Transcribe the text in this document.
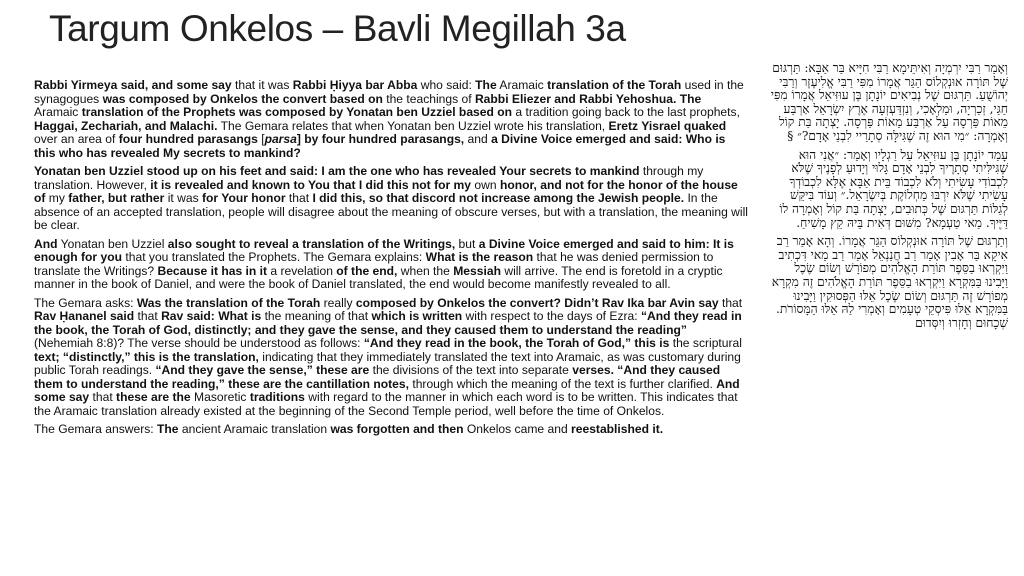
Targum Onkelos – Bavli Megillah 3a

Rabbi Yirmeya said, and some say that it was Rabbi Ḥiyya bar Abba who said: The Aramaic translation of the Torah used in the synagogues was composed by Onkelos the convert based on the teachings of Rabbi Eliezer and Rabbi Yehoshua. The Aramaic translation of the Prophets was composed by Yonatan ben Uzziel based on a tradition going back to the last prophets, Haggai, Zechariah, and Malachi. The Gemara relates that when Yonatan ben Uzziel wrote his translation, Eretz Yisrael quaked over an area of four hundred parasangs [parsa] by four hundred parasangs, and a Divine Voice emerged and said: Who is this who has revealed My secrets to mankind?

Yonatan ben Uzziel stood up on his feet and said: I am the one who has revealed Your secrets to mankind through my translation. However, it is revealed and known to You that I did this not for my own honor, and not for the honor of the house of my father, but rather it was for Your honor that I did this, so that discord not increase among the Jewish people. In the absence of an accepted translation, people will disagree about the meaning of obscure verses, but with a translation, the meaning will be clear.

And Yonatan ben Uzziel also sought to reveal a translation of the Writings, but a Divine Voice emerged and said to him: It is enough for you that you translated the Prophets. The Gemara explains: What is the reason that he was denied permission to translate the Writings? Because it has in it a revelation of the end, when the Messiah will arrive. The end is foretold in a cryptic manner in the book of Daniel, and were the book of Daniel translated, the end would become manifestly revealed to all.

The Gemara asks: Was the translation of the Torah really composed by Onkelos the convert? Didn’t Rav Ika bar Avin say that Rav Ḥananel said that Rav said: What is the meaning of that which is written with respect to the days of Ezra: “And they read in the book, the Torah of God, distinctly; and they gave the sense, and they caused them to understand the reading” (Nehemiah 8:8)? The verse should be understood as follows: “And they read in the book, the Torah of God,” this is the scriptural text; “distinctly,” this is the translation, indicating that they immediately translated the text into Aramaic, as was customary during public Torah readings. “And they gave the sense,” these are the divisions of the text into separate verses. “And they caused them to understand the reading,” these are the cantillation notes, through which the meaning of the text is further clarified. And some say that these are the Masoretic traditions with regard to the manner in which each word is to be written. This indicates that the Aramaic translation already existed at the beginning of the Second Temple period, well before the time of Onkelos.

The Gemara answers: The ancient Aramaic translation was forgotten and then Onkelos came and reestablished it.

וְאָמַר רַבִּי יִרְמְיָה וְאִיתֵּימָא רַבִּי חִיָּיא בַּר אַבָּא: תַּרְגּוּם שֶׁל תּוֹרָה אוּנְקְלוֹס הַגֵּר אֲמָרוֹ מִפִּי רַבִּי אֱלִיעֶזֶר וְרַבִּי יְהוֹשֻׁעַ. תַּרְגּוּם שֶׁל נְבִיאִים יוֹנָתָן בֶּן עוּזִּיאֵל אֲמָרוֹ מִפִּי חַגַּי, זְכַרְיָה, וּמַלְאָכִי, וְנִזְדַּעְזְעָה אֶרֶץ יִשְׂרָאֵל אַרְבַּע מֵאוֹת פַּרְסָה עַל אַרְבַּע מֵאוֹת פַּרְסָה. יָצְתָה בַּת קוֹל וְאָמְרָה: ״מִי הוּא זֶה שֶׁגִּילָּה סְתָרַיי לִבְנֵי אָדָם?״ §

עָמַד יוֹנָתָן בֶּן עוּזִּיאֵל עַל רַגְלָיו וְאָמַר: ״אֲנִי הוּא שֶׁגִּילִּיתִי סְתָרֶיךָ לִבְנֵי אָדָם גָּלוּי וְיָדוּעַ לְפָנֶיךָ שֶׁלֹּא לִכְבוֹדִי עָשִׂיתִי וְלֹא לִכְבוֹד בֵּית אַבָּא אֶלָּא לִכְבוֹדְךָ עָשִׂיתִי שֶׁלֹּא יִרְבּוּ מַחְלוֹקֶת בְּיִשְׂרָאֵל.״ וְעוֹד בִּיקֵּשׁ לְגַלּוֹת תַּרְגּוּם שֶׁל כְּתוּבִים, יָצְתָה בַּת קוֹל וְאָמְרָה לוֹ דַּיֶּיךָ. מַאי טַעְמָא? מִשּׁוּם דְּאִית בֵּיהּ קֵץ מָשִׁיחַ.

וְתַרְגּוּם שֶׁל תּוֹרָה אוּנְקְלוֹס הַגֵּר אֲמָרוֹ. וְהָא אָמַר רַב אִיקָא בַּר אָבִין אָמַר רַב חֲנַנְאֵל אָמַר רַב מַאי דִּכְתִיב וַיִּקְרְאוּ בַסֵּפֶר תּוֹרַת הָאֱלֹהִים מְפוֹרָשׁ וְשׂוֹם שֶׂכֶל וַיָּבִינוּ בַּמִּקְרָא וַיִּקְרְאוּ בַסֵּפֶר תּוֹרַת הָאֱלֹהִים זֶה מִקְרָא מְפוֹרָשׁ זֶה תַּרְגּוּם וְשׂוֹם שֶׂכֶל אֵלּוּ הַפְּסוּקִין וַיָּבִינוּ בַּמִּקְרָא אֵלּוּ פִּיסְקֵי טְעָמִים וְאָמְרִי לַהּ אֵלּוּ הַמָּסוֹרֹת. שְׁכָחוּם וְחָזְרוּ וְיִסְּדוּם
